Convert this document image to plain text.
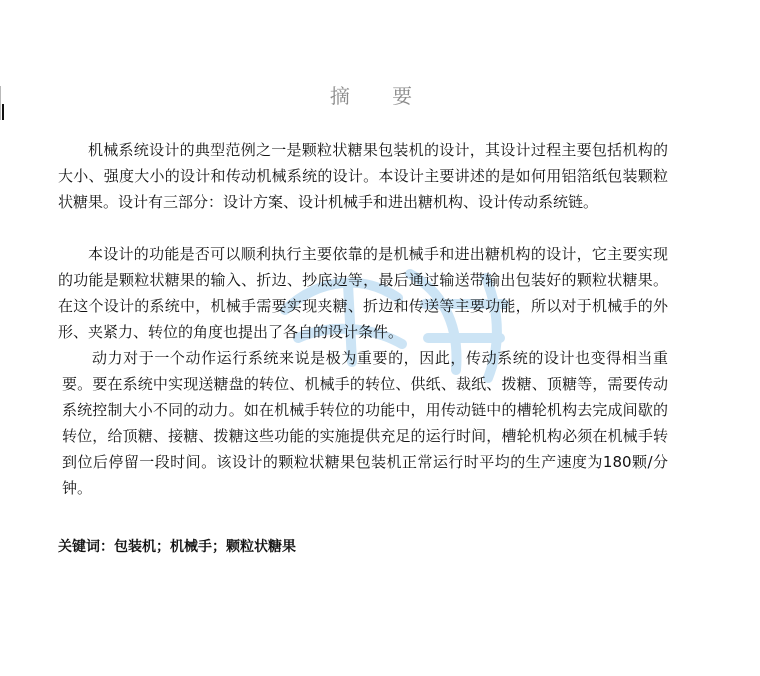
摘 要
机械系统设计的典型范例之一是颗粒状糖果包装机的设计，其设计过程主要包括机构的大小、强度大小的设计和传动机械系统的设计。本设计主要讲述的是如何用铝箔纸包装颗粒状糖果。设计有三部分：设计方案、设计机械手和进出糖机构、设计传动系统链。
本设计的功能是否可以顺利执行主要依靠的是机械手和进出糖机构的设计，它主要实现的功能是颗粒状糖果的输入、折边、抄底边等，最后通过输送带输出包装好的颗粒状糖果。在这个设计的系统中，机械手需要实现夹糖、折边和传送等主要功能，所以对于机械手的外形、夹紧力、转位的角度也提出了各自的设计条件。
动力对于一个动作运行系统来说是极为重要的，因此，传动系统的设计也变得相当重要。要在系统中实现送糖盘的转位、机械手的转位、供纸、裁纸、拨糖、顶糖等，需要传动系统控制大小不同的动力。如在机械手转位的功能中，用传动链中的槽轮机构去完成间歇的转位，给顶糖、接糖、拨糖这些功能的实施提供充足的运行时间，槽轮机构必须在机械手转到位后停留一段时间。该设计的颗粒状糖果包装机正常运行时平均的生产速度为180颗/分钟。
关键词：包装机；机械手；颗粒状糖果
